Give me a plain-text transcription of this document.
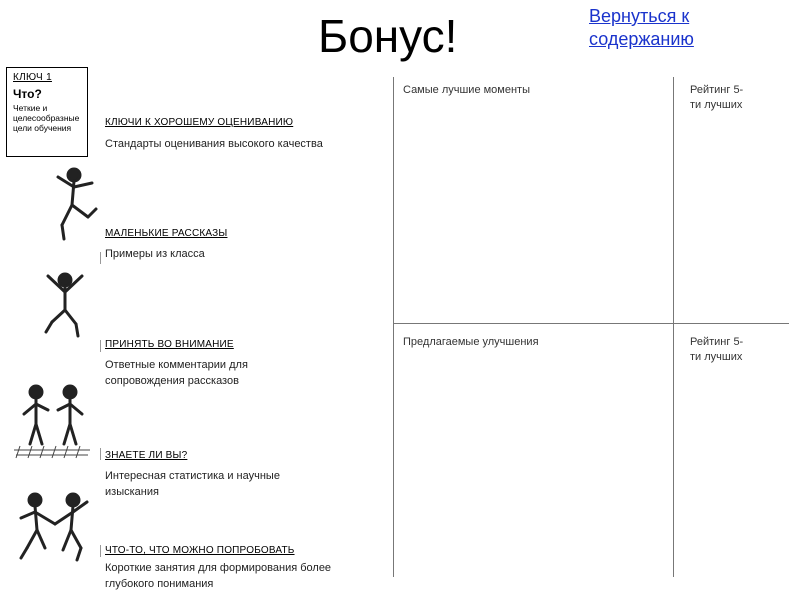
Бонус!	Вернуться к содержанию
КЛЮЧ 1
Что?
Четкие и целесообразные цели обучения	КЛЮЧИ К ХОРОШЕМУ ОЦЕНИВАНИЮ
Стандарты оценивания высокого качества
МАЛЕНЬКИЕ РАССКАЗЫ
Примеры из класса
ПРИНЯТЬ ВО ВНИМАНИЕ
Ответные комментарии для сопровождения рассказов
ЗНАЕТЕ ЛИ ВЫ?
Интересная статистика и научные изыскания
ЧТО-ТО, ЧТО МОЖНО ПОПРОБОВАТЬ
Короткие занятия для формирования более глубокого понимания
Самые лучшие моменты	Рейтинг 5-ти лучших
Предлагаемые улучшения	Рейтинг 5-ти лучших
